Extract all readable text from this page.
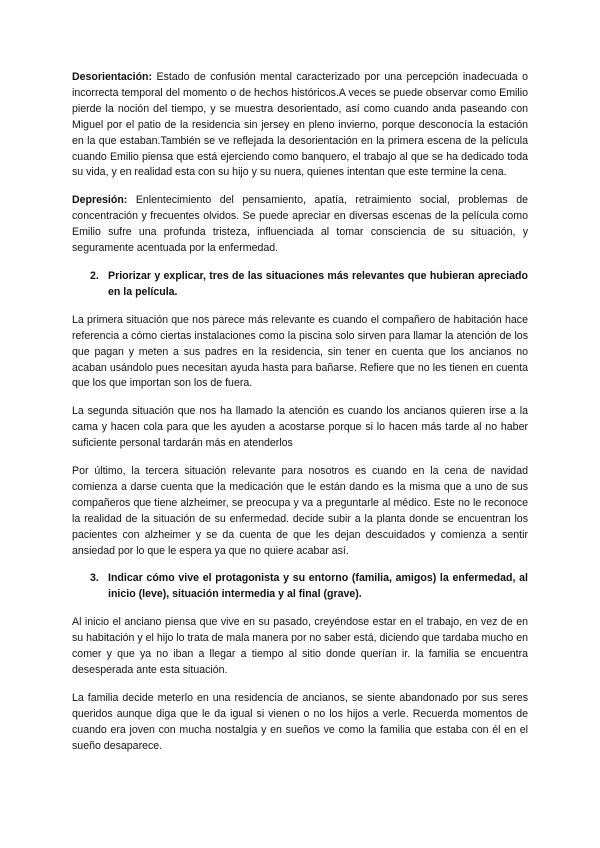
Desorientación: Estado de confusión mental caracterizado por una percepción inadecuada o incorrecta temporal del momento o de hechos históricos.A veces se puede observar como Emilio pierde la noción del tiempo, y se muestra desorientado, así como cuando anda paseando con Miguel por el patio de la residencia sin jersey en pleno invierno, porque desconocía la estación en la que estaban.También se ve reflejada la desorientación en la primera escena de la película cuando Emilio piensa que está ejerciendo como banquero, el trabajo al que se ha dedicado toda su vida, y en realidad esta con su hijo y su nuera, quienes intentan que este termine la cena.

Depresión: Enlentecimiento del pensamiento, apatía, retraimiento social, problemas de concentración y frecuentes olvidos. Se puede apreciar en diversas escenas de la película como Emilio sufre una profunda tristeza, influenciada al tomar consciencia de su situación, y seguramente acentuada por la enfermedad.

2. Priorizar y explicar, tres de las situaciones más relevantes que hubieran apreciado en la película.

La primera situación que nos parece más relevante es cuando el compañero de habitación hace referencia a cómo ciertas instalaciones como la piscina solo sirven para llamar la atención de los que pagan y meten a sus padres en la residencia, sin tener en cuenta que los ancianos no acaban usándolo pues necesitan ayuda hasta para bañarse. Refiere que no les tienen en cuenta que los que importan son los de fuera.

La segunda situación que nos ha llamado la atención es cuando los ancianos quieren irse a la cama y hacen cola para que les ayuden a acostarse porque si lo hacen más tarde al no haber suficiente personal tardarán más en atenderlos

Por último, la tercera situación relevante para nosotros es cuando en la cena de navidad comienza a darse cuenta que la medicación que le están dando es la misma que a uno de sus compañeros que tiene alzheimer, se preocupa y va a preguntarle al médico. Este no le reconoce la realidad de la situación de su enfermedad. decide subir a la planta donde se encuentran los pacientes con alzheimer y se da cuenta de que les dejan descuidados y comienza a sentir ansiedad por lo que le espera ya que no quiere acabar así.

3. Indicar cómo vive el protagonista y su entorno (familia, amigos) la enfermedad, al inicio (leve), situación intermedia y al final (grave).

Al inicio el anciano piensa que vive en su pasado, creyéndose estar en el trabajo, en vez de en su habitación y el hijo lo trata de mala manera por no saber está, diciendo que tardaba mucho en comer y que ya no iban a llegar a tiempo al sitio donde querían ir. la familia se encuentra desesperada ante esta situación.

La familia decide meterlo en una residencia de ancianos, se siente abandonado por sus seres queridos aunque diga que le da igual si vienen o no los hijos a verle. Recuerda momentos de cuando era joven con mucha nostalgia y en sueños ve como la familia que estaba con él en el sueño desaparece.
